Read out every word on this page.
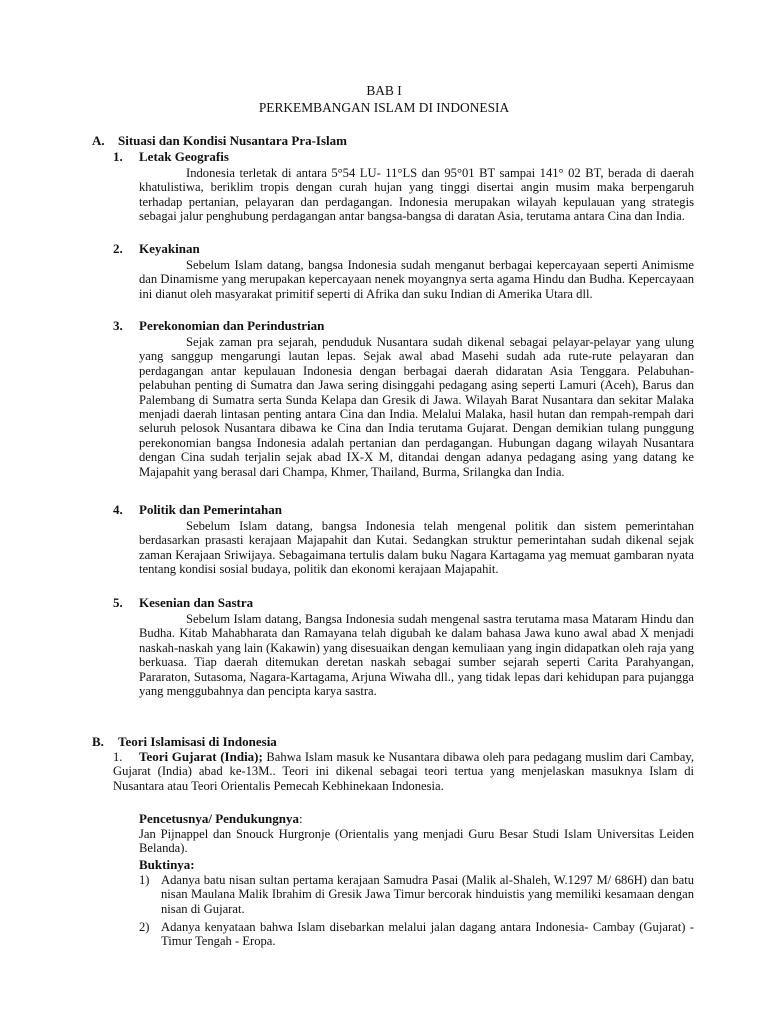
BAB I
PERKEMBANGAN ISLAM DI INDONESIA
A. Situasi dan Kondisi Nusantara Pra-Islam
1. Letak Geografis

Indonesia terletak di antara 5°54 LU- 11°LS dan 95°01 BT sampai 141° 02 BT, berada di daerah khatulistiwa, beriklim tropis dengan curah hujan yang tinggi disertai angin musim maka berpengaruh terhadap pertanian, pelayaran dan perdagangan. Indonesia merupakan wilayah kepulauan yang strategis sebagai jalur penghubung perdagangan antar bangsa-bangsa di daratan Asia, terutama antara Cina dan India.

2. Keyakinan

Sebelum Islam datang, bangsa Indonesia sudah menganut berbagai kepercayaan seperti Animisme dan Dinamisme yang merupakan kepercayaan nenek moyangnya serta agama Hindu dan Budha. Kepercayaan ini dianut oleh masyarakat primitif seperti di Afrika dan suku Indian di Amerika Utara dll.

3. Perekonomian dan Perindustrian

Sejak zaman pra sejarah, penduduk Nusantara sudah dikenal sebagai pelayar-pelayar yang ulung yang sanggup mengarungi lautan lepas. Sejak awal abad Masehi sudah ada rute-rute pelayaran dan perdagangan antar kepulauan Indonesia dengan berbagai daerah didaratan Asia Tenggara. Pelabuhan-pelabuhan penting di Sumatra dan Jawa sering disinggahi pedagang asing seperti Lamuri (Aceh), Barus dan Palembang di Sumatra serta Sunda Kelapa dan Gresik di Jawa. Wilayah Barat Nusantara dan sekitar Malaka menjadi daerah lintasan penting antara Cina dan India. Melalui Malaka, hasil hutan dan rempah-rempah dari seluruh pelosok Nusantara dibawa ke Cina dan India terutama Gujarat. Dengan demikian tulang punggung perekonomian bangsa Indonesia adalah pertanian dan perdagangan. Hubungan dagang wilayah Nusantara dengan Cina sudah terjalin sejak abad IX-X M, ditandai dengan adanya pedagang asing yang datang ke Majapahit yang berasal dari Champa, Khmer, Thailand, Burma, Srilangka dan India.

4. Politik dan Pemerintahan

Sebelum Islam datang, bangsa Indonesia telah mengenal politik dan sistem pemerintahan berdasarkan prasasti kerajaan Majapahit dan Kutai. Sedangkan struktur pemerintahan sudah dikenal sejak zaman Kerajaan Sriwijaya. Sebagaimana tertulis dalam buku Nagara Kartagama yag memuat gambaran nyata tentang kondisi sosial budaya, politik dan ekonomi kerajaan Majapahit.

5. Kesenian dan Sastra

Sebelum Islam datang, Bangsa Indonesia sudah mengenal sastra terutama masa Mataram Hindu dan Budha. Kitab Mahabharata dan Ramayana telah digubah ke dalam bahasa Jawa kuno awal abad X menjadi naskah-naskah yang lain (Kakawin) yang disesuaikan dengan kemuliaan yang ingin didapatkan oleh raja yang berkuasa. Tiap daerah ditemukan deretan naskah sebagai sumber sejarah seperti Carita Parahyangan, Pararaton, Sutasoma, Nagara-Kartagama, Arjuna Wiwaha dll., yang tidak lepas dari kehidupan para pujangga yang menggubahnya dan pencipta karya sastra.

B. Teori Islamisasi di Indonesia
1. Teori Gujarat (India); Bahwa Islam masuk ke Nusantara dibawa oleh para pedagang muslim dari Cambay, Gujarat (India) abad ke-13M.. Teori ini dikenal sebagai teori tertua yang menjelaskan masuknya Islam di Nusantara atau Teori Orientalis Pemecah Kebhinekaan Indonesia.
Pencetusnya/ Pendukungnya:

Jan Pijnappel dan Snouck Hurgronje (Orientalis yang menjadi Guru Besar Studi Islam Universitas Leiden Belanda).

Buktinya:
1) Adanya batu nisan sultan pertama kerajaan Samudra Pasai (Malik al-Shaleh, W.1297 M/ 686H) dan batu nisan Maulana Malik Ibrahim di Gresik Jawa Timur bercorak hinduistis yang memiliki kesamaan dengan nisan di Gujarat.
2) Adanya kenyataan bahwa Islam disebarkan melalui jalan dagang antara Indonesia- Cambay (Gujarat) - Timur Tengah - Eropa.
